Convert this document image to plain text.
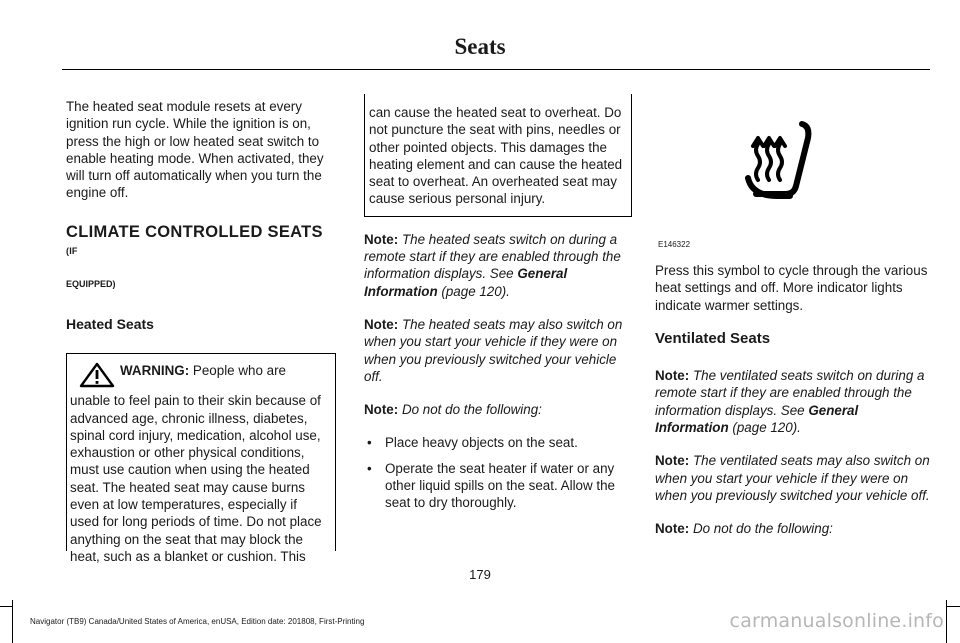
Seats

The heated seat module resets at every ignition run cycle. While the ignition is on, press the high or low heated seat switch to enable heating mode. When activated, they will turn off automatically when you turn the engine off.

CLIMATE CONTROLLED SEATS (IF
EQUIPPED)
Heated Seats
WARNING: People who are unable to feel pain to their skin because of advanced age, chronic illness, diabetes, spinal cord injury, medication, alcohol use, exhaustion or other physical conditions, must use caution when using the heated seat. The heated seat may cause burns even at low temperatures, especially if used for long periods of time. Do not place anything on the seat that may block the heat, such as a blanket or cushion. This

can cause the heated seat to overheat. Do not puncture the seat with pins, needles or other pointed objects. This damages the heating element and can cause the heated seat to overheat. An overheated seat may cause serious personal injury.

Note: The heated seats switch on during a remote start if they are enabled through the information displays. See General Information (page 120).

Note: The heated seats may also switch on when you start your vehicle if they were on when you previously switched your vehicle off.

Note: Do not do the following:

• Place heavy objects on the seat.
• Operate the seat heater if water or any other liquid spills on the seat. Allow the seat to dry thoroughly.
E146322

Press this symbol to cycle through the various heat settings and off. More indicator lights indicate warmer settings.

Ventilated Seats

Note: The ventilated seats switch on during a remote start if they are enabled through the information displays. See General Information (page 120).

Note: The ventilated seats may also switch on when you start your vehicle if they were on when you previously switched your vehicle off.

Note: Do not do the following:

179
Navigator (TB9) Canada/United States of America, enUSA, Edition date: 201808, First-Printing	carmanualsonline.info
